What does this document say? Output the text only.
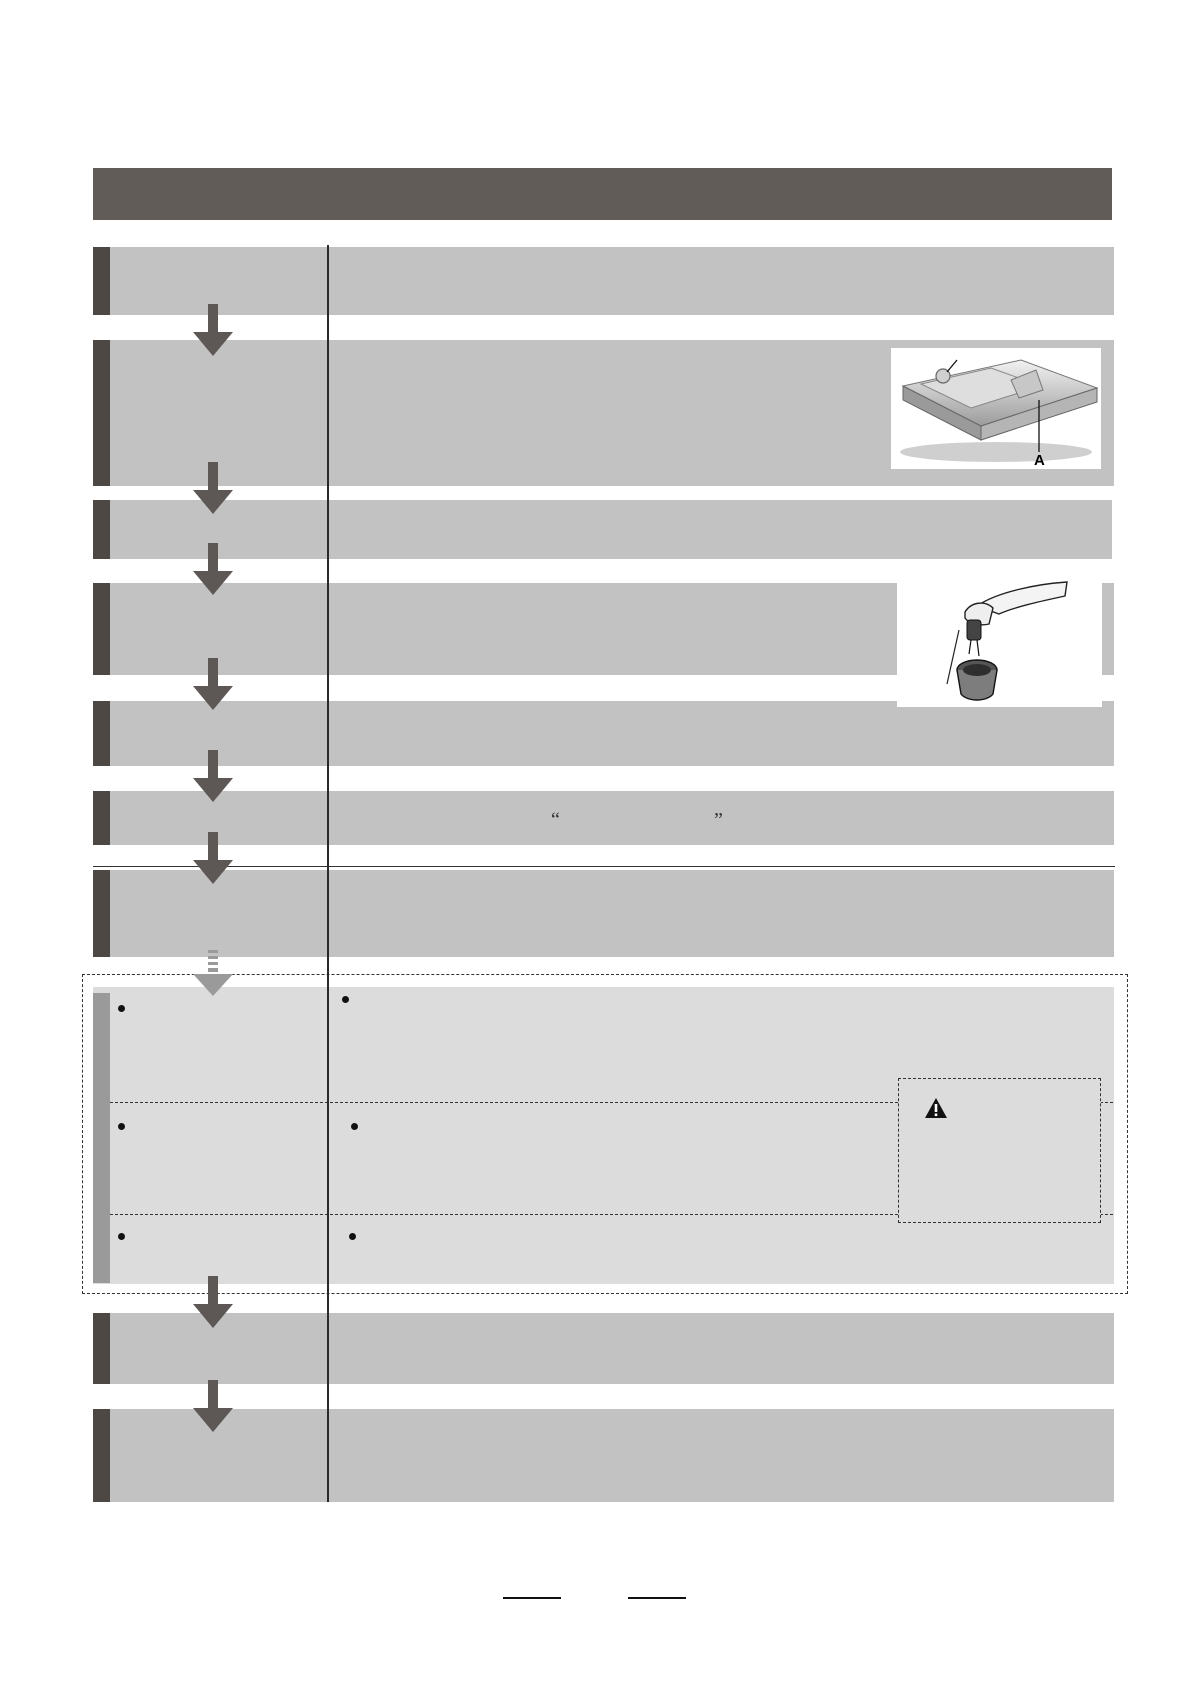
A
“	”
